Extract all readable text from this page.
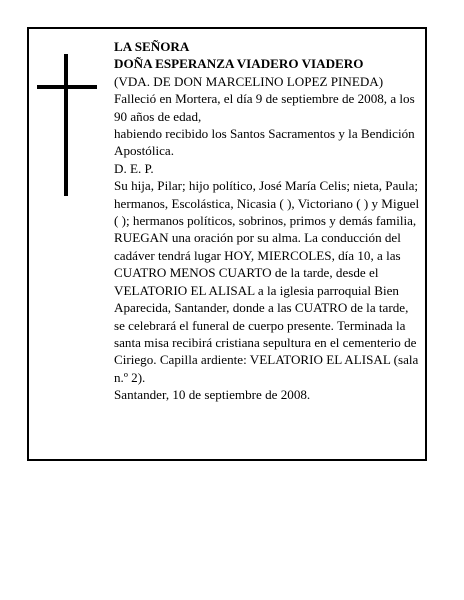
LA SEÑORA

DOÑA ESPERANZA VIADERO VIADERO

(VDA. DE DON MARCELINO LOPEZ PINEDA)

Falleció en Mortera, el día 9 de septiembre de 2008, a los 90 años de edad,

habiendo recibido los Santos Sacramentos y la Bendición Apostólica.

D. E. P.

Su hija, Pilar; hijo político, José María Celis; nieta, Paula; hermanos, Escolástica, Nicasia ( ), Victoriano ( ) y Miguel ( ); hermanos políticos, sobrinos, primos y demás familia,

RUEGAN una oración por su alma. La conducción del cadáver tendrá lugar HOY, MIERCOLES, día 10, a las CUATRO MENOS CUARTO de la tarde, desde el VELATORIO EL ALISAL a la iglesia parroquial Bien Aparecida, Santander, donde a las CUATRO de la tarde, se celebrará el funeral de cuerpo presente. Terminada la santa misa recibirá cristiana sepultura en el cementerio de Ciriego. Capilla ardiente: VELATORIO EL ALISAL (sala n.º 2).

Santander, 10 de septiembre de 2008.
